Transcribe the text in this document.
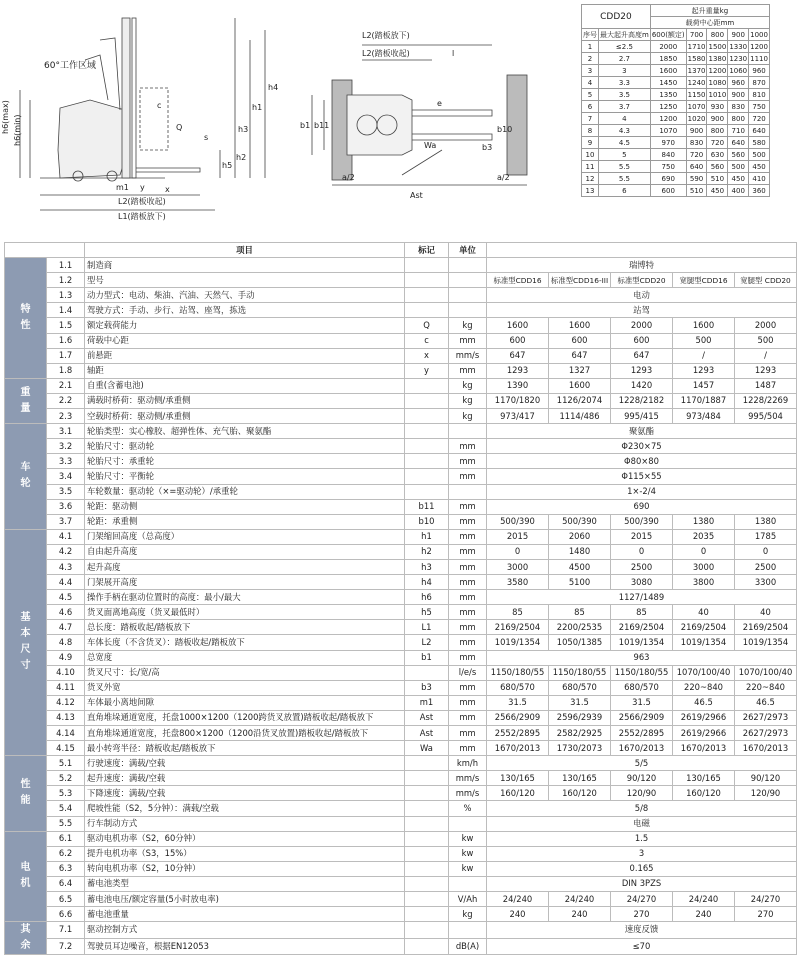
60°工作区域
h6(max) h6(min)
h5
h3
h4
h1
h2
c
Q
s
x
m1 y
L2(踏板收起)
L1(踏板放下)
L2(踏板放下)
L2(踏板收起)	l
b1 b11
e
b10
b3
Wa
Ast
a/2	a/2
CDD20		起升重量kg				
		载荷中心距mm				
序号	最大起升高度m	600(额定)	700	800	900	1000
1	≤2.5	2000	1710	1500	1330	1200
2	2.7	1850	1580	1380	1230	1110
3	3	1600	1370	1200	1060	960
4	3.3	1450	1240	1080	960	870
5	3.5	1350	1150	1010	900	810
6	3.7	1250	1070	930	830	750
7	4	1200	1020	900	800	720
8	4.3	1070	900	800	710	640
9	4.5	970	830	720	640	580
10	5	840	720	630	560	500
11	5.5	750	640	560	500	450
12	5.5	690	590	510	450	410
13	6	600	510	450	400	360
		项目	标记	单位					

特
性	1.1	制造商			瑞博特				
	1.2	型号			标准型CDD16	标准型CDD16-III	标准型CDD20	宽腿型CDD16	宽腿型 CDD20
	1.3	动力型式：电动、柴油、汽油、天然气、手动			电动				
	1.4	驾驶方式：手动、步行、站驾、座驾，拣选			站驾				
	1.5	额定载荷能力	Q	kg	1600	1600	2000	1600	2000
	1.6	荷载中心距	c	mm	600	600	600	500	500
	1.7	前悬距	x	mm/s	647	647	647	/	/
	1.8	轴距	y	mm	1293	1327	1293	1293	1293

重
量	2.1	自重(含蓄电池)		kg	1390	1600	1420	1457	1487
	2.2	满载时桥荷：驱动侧/承重侧		kg	1170/1820	1126/2074	1228/2182	1170/1887	1228/2269
	2.3	空载时桥荷：驱动侧/承重侧		kg	973/417	1114/486	995/415	973/484	995/504

车
轮	3.1	轮胎类型：实心橡胶、超弹性体、充气胎、聚氨酯			聚氨酯				
	3.2	轮胎尺寸：驱动轮		mm	Φ230×75				
	3.3	轮胎尺寸：承重轮		mm	Φ80×80				
	3.4	轮胎尺寸：平衡轮		mm	Φ115×55				
	3.5	车轮数量：驱动轮（×=驱动轮）/承重轮			1×-2/4				
	3.6	轮距：驱动侧	b11	mm	690				
	3.7	轮距：承重侧	b10	mm	500/390	500/390	500/390	1380	1380

基
本
尺
寸	4.1	门架缩回高度（总高度）	h1	mm	2015	2060	2015	2035	1785
	4.2	自由起升高度	h2	mm	0	1480	0	0	0
	4.3	起升高度	h3	mm	3000	4500	2500	3000	2500
	4.4	门架展开高度	h4	mm	3580	5100	3080	3800	3300
	4.5	操作手柄在驱动位置时的高度：最小/最大	h6	mm	1127/1489				
	4.6	货叉面离地高度（货叉最低时）	h5	mm	85	85	85	40	40
	4.7	总长度：踏板收起/踏板放下	L1	mm	2169/2504	2200/2535	2169/2504	2169/2504	2169/2504
	4.8	车体长度（不含货叉）：踏板收起/踏板放下	L2	mm	1019/1354	1050/1385	1019/1354	1019/1354	1019/1354
	4.9	总宽度	b1	mm	963				
	4.10	货叉尺寸：长/宽/高		l/e/s	1150/180/55	1150/180/55	1150/180/55	1070/100/40	1070/100/40
	4.11	货叉外宽	b3	mm	680/570	680/570	680/570	220~840	220~840
	4.12	车体最小离地间隙	m1	mm	31.5	31.5	31.5	46.5	46.5
	4.13	直角堆垛通道宽度，托盘1000×1200（1200跨货叉放置)踏板收起/踏板放下	Ast	mm	2566/2909	2596/2939	2566/2909	2619/2966	2627/2973
	4.14	直角堆垛通道宽度，托盘800×1200（1200沿货叉放置)踏板收起/踏板放下	Ast	mm	2552/2895	2582/2925	2552/2895	2619/2966	2627/2973
	4.15	最小转弯半径：踏板收起/踏板放下	Wa	mm	1670/2013	1730/2073	1670/2013	1670/2013	1670/2013

性
能	5.1	行驶速度：满载/空载		km/h	5/5				
	5.2	起升速度：满载/空载		mm/s	130/165	130/165	90/120	130/165	90/120
	5.3	下降速度：满载/空载		mm/s	160/120	160/120	120/90	160/120	120/90
	5.4	爬坡性能（S2，5分钟）：满载/空载		%	5/8				
	5.5	行车制动方式			电磁				

电
机	6.1	驱动电机功率（S2，60分钟）		kw	1.5				
	6.2	提升电机功率（S3，15%）		kw	3				
	6.3	转向电机功率（S2，10分钟）		kw	0.165				
	6.4	蓄电池类型			DIN 3PZS				
	6.5	蓄电池电压/额定容量(5小时放电率)		V/Ah	24/240	24/240	24/270	24/240	24/270
	6.6	蓄电池重量		kg	240	240	270	240	270

其
余	7.1	驱动控制方式			速度反馈				
	7.2	驾驶员耳边噪音，根据EN12053		dB(A)	≤70				
